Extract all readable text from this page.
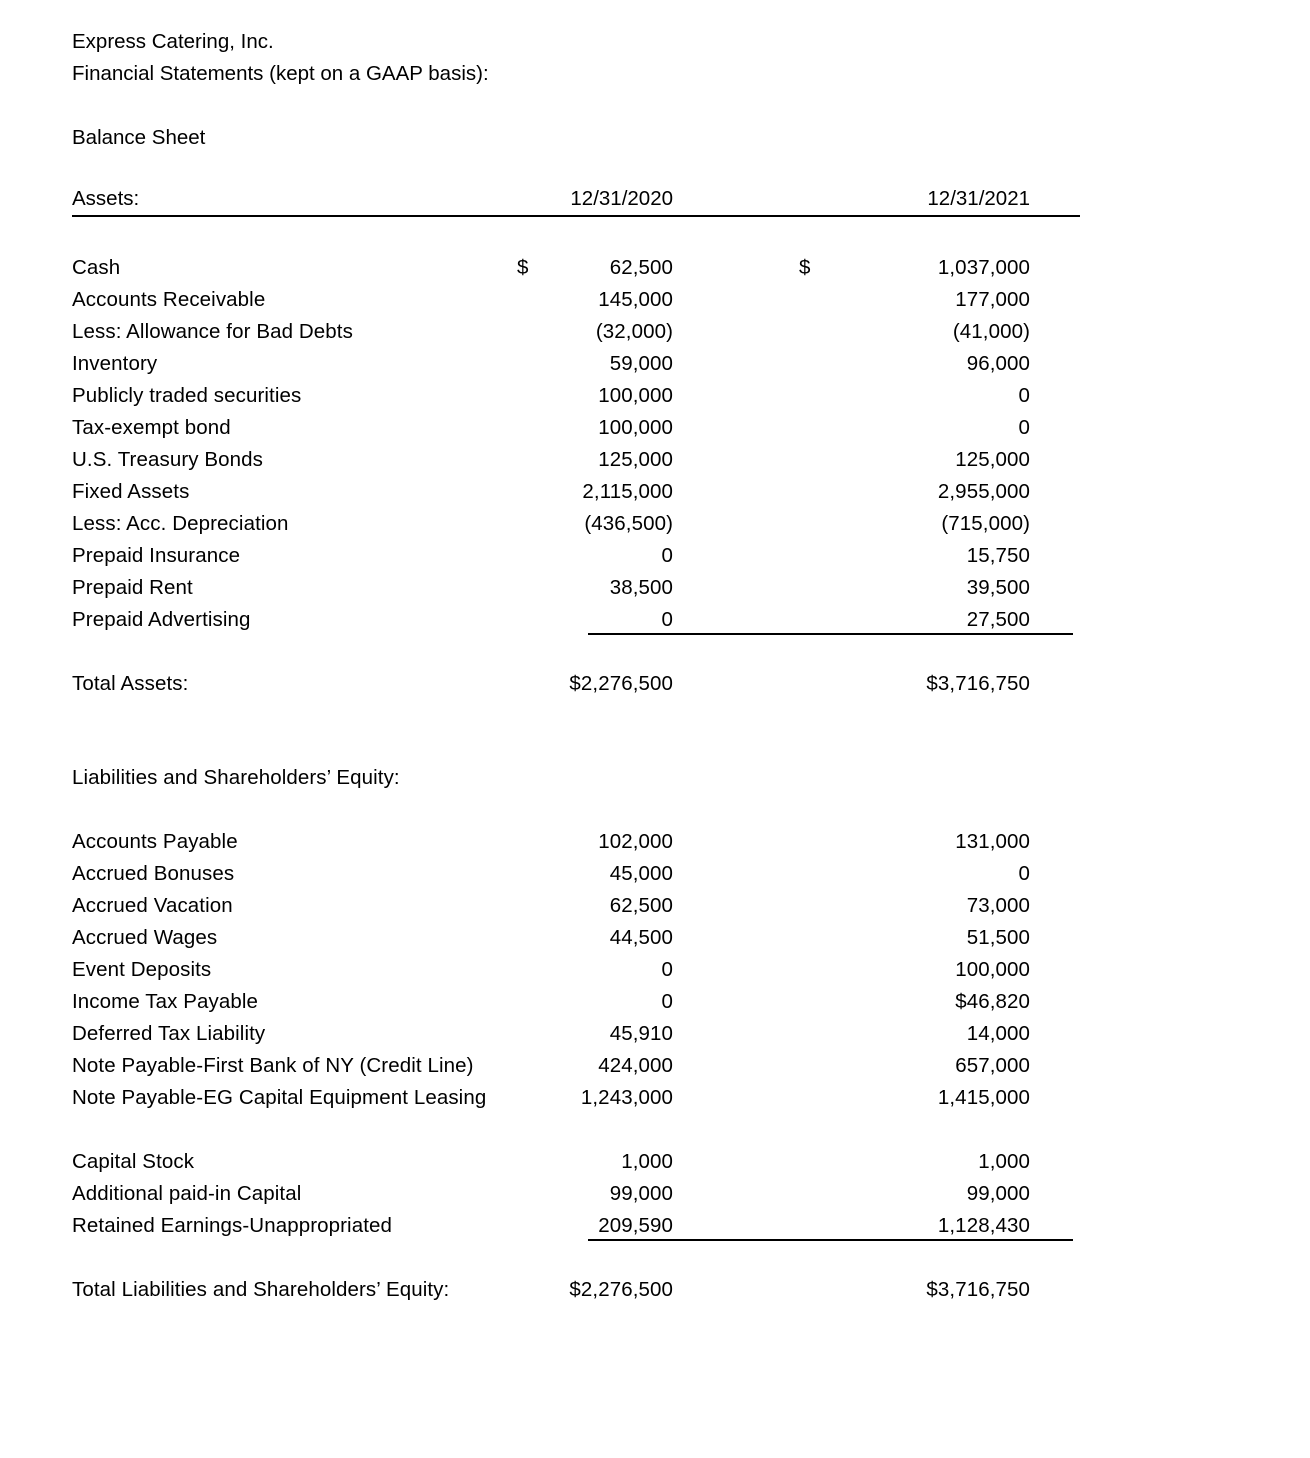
Express Catering, Inc.
Financial Statements (kept on a GAAP basis):
Balance Sheet
Assets:	12/31/2020	12/31/2021
Cash	$	62,500	$	1,037,000
Accounts Receivable	145,000	177,000
Less: Allowance for Bad Debts	(32,000)	(41,000)
Inventory	59,000	96,000
Publicly traded securities	100,000	0
Tax-exempt bond	100,000	0
U.S. Treasury Bonds	125,000	125,000
Fixed Assets	2,115,000	2,955,000
Less: Acc. Depreciation	(436,500)	(715,000)
Prepaid Insurance	0	15,750
Prepaid Rent	38,500	39,500
Prepaid Advertising	0	27,500
Total Assets:	$2,276,500	$3,716,750
Liabilities and Shareholders’ Equity:
Accounts Payable	102,000	131,000
Accrued Bonuses	45,000	0
Accrued Vacation	62,500	73,000
Accrued Wages	44,500	51,500
Event Deposits	0	100,000
Income Tax Payable	0	$46,820
Deferred Tax Liability	45,910	14,000
Note Payable-First Bank of NY (Credit Line)	424,000	657,000
Note Payable-EG Capital Equipment Leasing	1,243,000	1,415,000
Capital Stock	1,000	1,000
Additional paid-in Capital	99,000	99,000
Retained Earnings-Unappropriated	209,590	1,128,430
Total Liabilities and Shareholders’ Equity:	$2,276,500	$3,716,750
